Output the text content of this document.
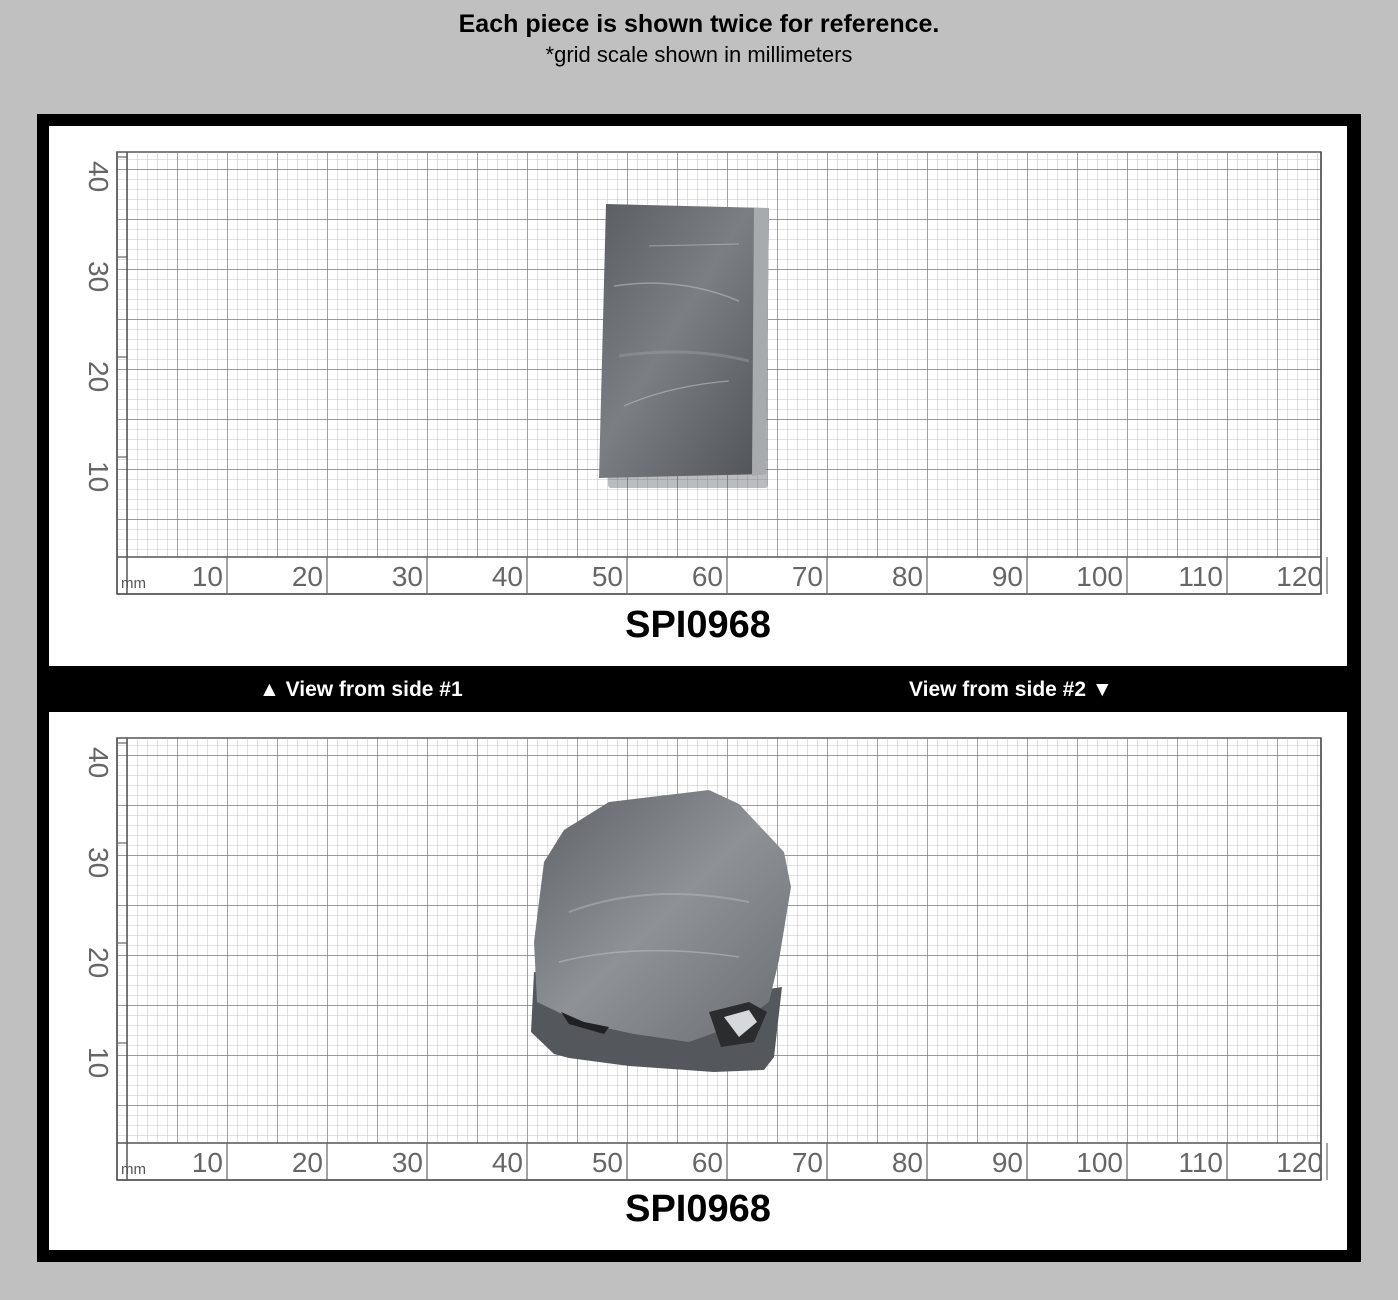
Each piece is shown twice for reference.
*grid scale shown in millimeters
mm 10 20 30 40 50 60 70 80 90 100 110 120
10
20
30
40
SPI0968
▲ View from side #1	View from side #2 ▼
mm 10 20 30 40 50 60 70 80 90 100 110 120
10
20
30
40
SPI0968
